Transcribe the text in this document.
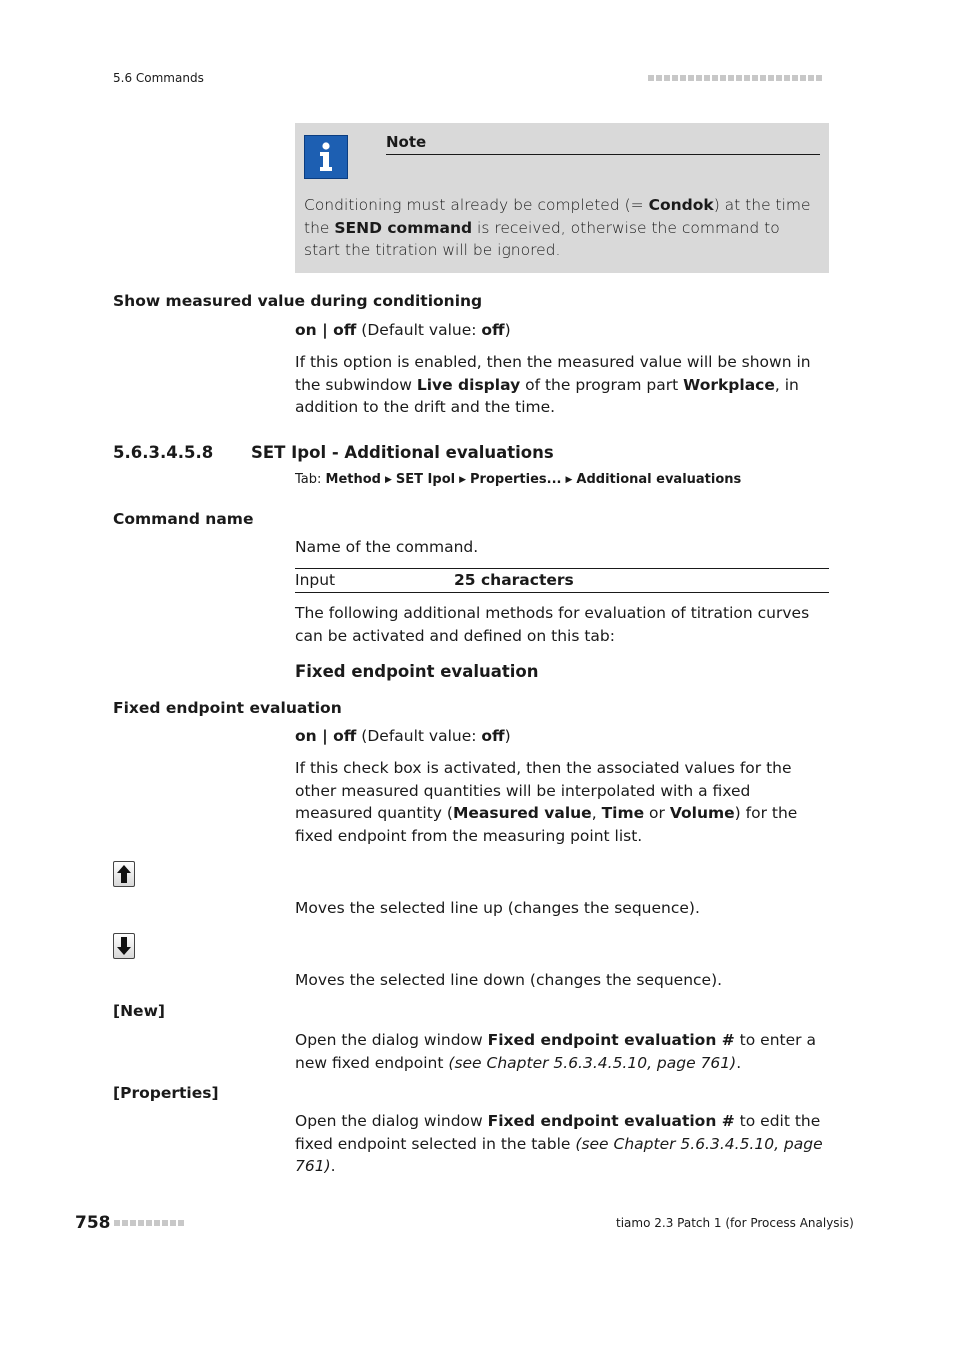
5.6 Commands
Note
Conditioning must already be completed (= Condok) at the time the SEND command is received, otherwise the command to start the titration will be ignored.
Show measured value during conditioning
on | off (Default value: off)
If this option is enabled, then the measured value will be shown in the subwindow Live display of the program part Workplace, in addition to the drift and the time.
5.6.3.4.5.8 SET Ipol - Additional evaluations
Tab: Method ▶ SET Ipol ▶ Properties... ▶ Additional evaluations
Command name
Name of the command.
Input	25 characters
The following additional methods for evaluation of titration curves can be activated and defined on this tab:
Fixed endpoint evaluation
Fixed endpoint evaluation
on | off (Default value: off)
If this check box is activated, then the associated values for the other measured quantities will be interpolated with a fixed measured quantity (Measured value, Time or Volume) for the fixed endpoint from the measuring point list.
Moves the selected line up (changes the sequence).
Moves the selected line down (changes the sequence).
[New]
Open the dialog window Fixed endpoint evaluation # to enter a new fixed endpoint (see Chapter 5.6.3.4.5.10, page 761).
[Properties]
Open the dialog window Fixed endpoint evaluation # to edit the fixed endpoint selected in the table (see Chapter 5.6.3.4.5.10, page 761).
758	tiamo 2.3 Patch 1 (for Process Analysis)
